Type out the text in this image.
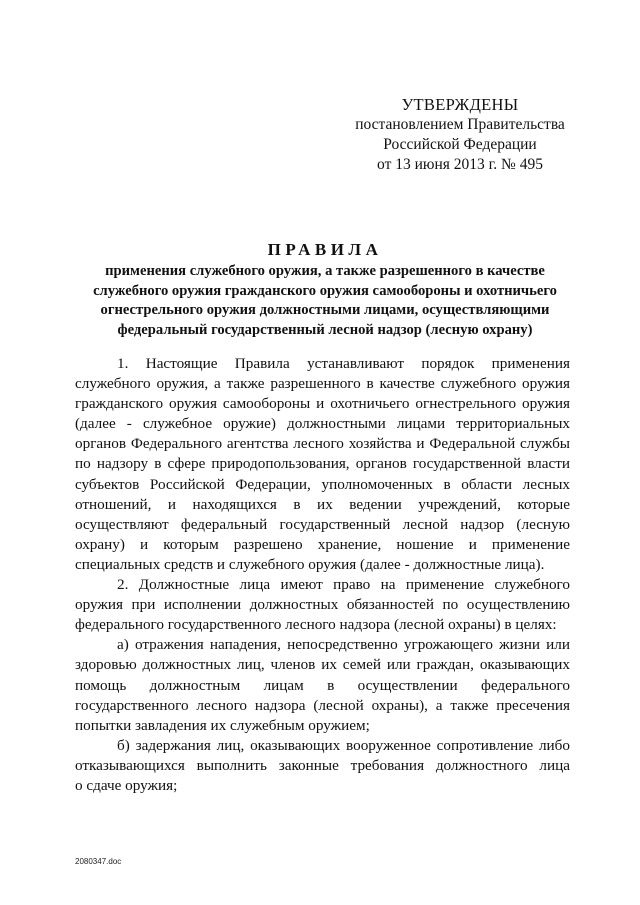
УТВЕРЖДЕНЫ
постановлением Правительства
Российской Федерации
от 13 июня 2013 г. № 495
ПРАВИЛА
применения служебного оружия, а также разрешенного в качестве
служебного оружия гражданского оружия самообороны и охотничьего
огнестрельного оружия должностными лицами, осуществляющими
федеральный государственный лесной надзор (лесную охрану)
1. Настоящие Правила устанавливают порядок применения
служебного оружия, а также разрешенного в качестве служебного оружия
гражданского оружия самообороны и охотничьего огнестрельного оружия
(далее - служебное оружие) должностными лицами территориальных
органов Федерального агентства лесного хозяйства и Федеральной службы
по надзору в сфере природопользования, органов государственной власти
субъектов Российской Федерации, уполномоченных в области лесных
отношений, и находящихся в их ведении учреждений, которые
осуществляют федеральный государственный лесной надзор (лесную
охрану) и которым разрешено хранение, ношение и применение
специальных средств и служебного оружия (далее - должностные лица).
2. Должностные лица имеют право на применение служебного
оружия при исполнении должностных обязанностей по осуществлению
федерального государственного лесного надзора (лесной охраны) в целях:
а) отражения нападения, непосредственно угрожающего жизни или
здоровью должностных лиц, членов их семей или граждан, оказывающих
помощь должностным лицам в осуществлении федерального
государственного лесного надзора (лесной охраны), а также пресечения
попытки завладения их служебным оружием;
б) задержания лиц, оказывающих вооруженное сопротивление либо
отказывающихся выполнить законные требования должностного лица
о сдаче оружия;
2080347.doc
